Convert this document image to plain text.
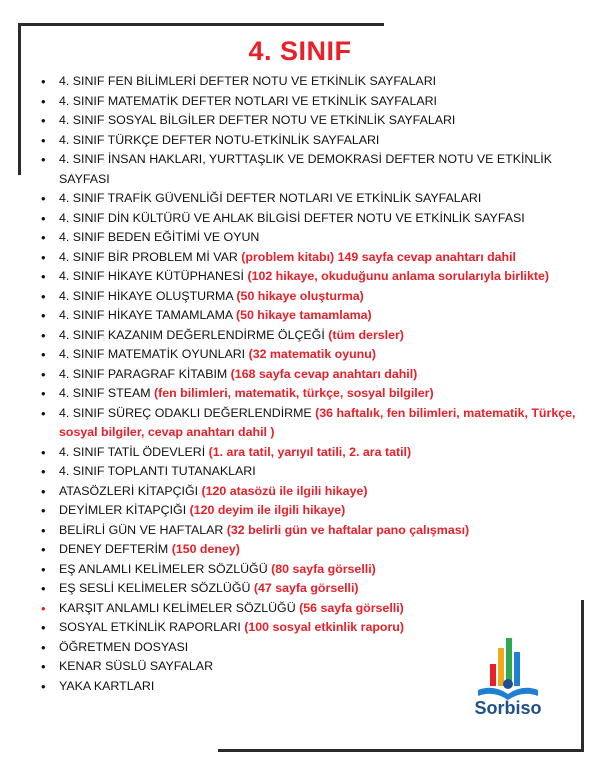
4. SINIF
• 4. SINIF FEN BİLİMLERİ DEFTER NOTU VE ETKİNLİK SAYFALARI
• 4. SINIF MATEMATİK DEFTER NOTLARI VE ETKİNLİK SAYFALARI
• 4. SINIF SOSYAL BİLGİLER DEFTER NOTU VE ETKİNLİK SAYFALARI
• 4. SINIF TÜRKÇE DEFTER NOTU-ETKİNLİK SAYFALARI
• 4. SINIF İNSAN HAKLARI, YURTTAŞLIK VE DEMOKRASİ DEFTER NOTU VE ETKİNLİK SAYFASI
• 4. SINIF TRAFİK GÜVENLİĞİ DEFTER NOTLARI VE ETKİNLİK SAYFALARI
• 4. SINIF DİN KÜLTÜRÜ VE AHLAK BİLGİSİ DEFTER NOTU VE ETKİNLİK SAYFASI
• 4. SINIF BEDEN EĞİTİMİ VE OYUN
• 4. SINIF BİR PROBLEM Mİ VAR (problem kitabı) 149 sayfa cevap anahtarı dahil
• 4. SINIF HİKAYE KÜTÜPHANESİ (102 hikaye, okuduğunu anlama sorularıyla birlikte)
• 4. SINIF HİKAYE OLUŞTURMA (50 hikaye oluşturma)
• 4. SINIF HİKAYE TAMAMLAMA (50 hikaye tamamlama)
• 4. SINIF KAZANIM DEĞERLENDİRME ÖLÇEĞİ (tüm dersler)
• 4. SINIF MATEMATİK OYUNLARI (32 matematik oyunu)
• 4. SINIF PARAGRAF KİTABIM (168 sayfa cevap anahtarı dahil)
• 4. SINIF STEAM (fen bilimleri, matematik, türkçe, sosyal bilgiler)
• 4. SINIF SÜREÇ ODAKLI DEĞERLENDİRME (36 haftalık, fen bilimleri, matematik, Türkçe, sosyal bilgiler, cevap anahtarı dahil )
• 4. SINIF TATİL ÖDEVLERİ (1. ara tatil, yarıyıl tatili, 2. ara tatil)
• 4. SINIF TOPLANTI TUTANAKLARI
• ATASÖZLERİ KİTAPÇIĞI (120 atasözü ile ilgili hikaye)
• DEYİMLER KİTAPÇIĞI (120 deyim ile ilgili hikaye)
• BELİRLİ GÜN VE HAFTALAR (32 belirli gün ve haftalar pano çalışması)
• DENEY DEFTERİM (150 deney)
• EŞ ANLAMLI KELİMELER SÖZLÜĞÜ (80 sayfa görselli)
• EŞ SESLİ KELİMELER SÖZLÜĞÜ (47 sayfa görselli)
• KARŞIT ANLAMLI KELİMELER SÖZLÜĞÜ (56 sayfa görselli)
• SOSYAL ETKİNLİK RAPORLARI (100 sosyal etkinlik raporu)
• ÖĞRETMEN DOSYASI
• KENAR SÜSLÜ SAYFALAR
• YAKA KARTLARI
Sorbiso
